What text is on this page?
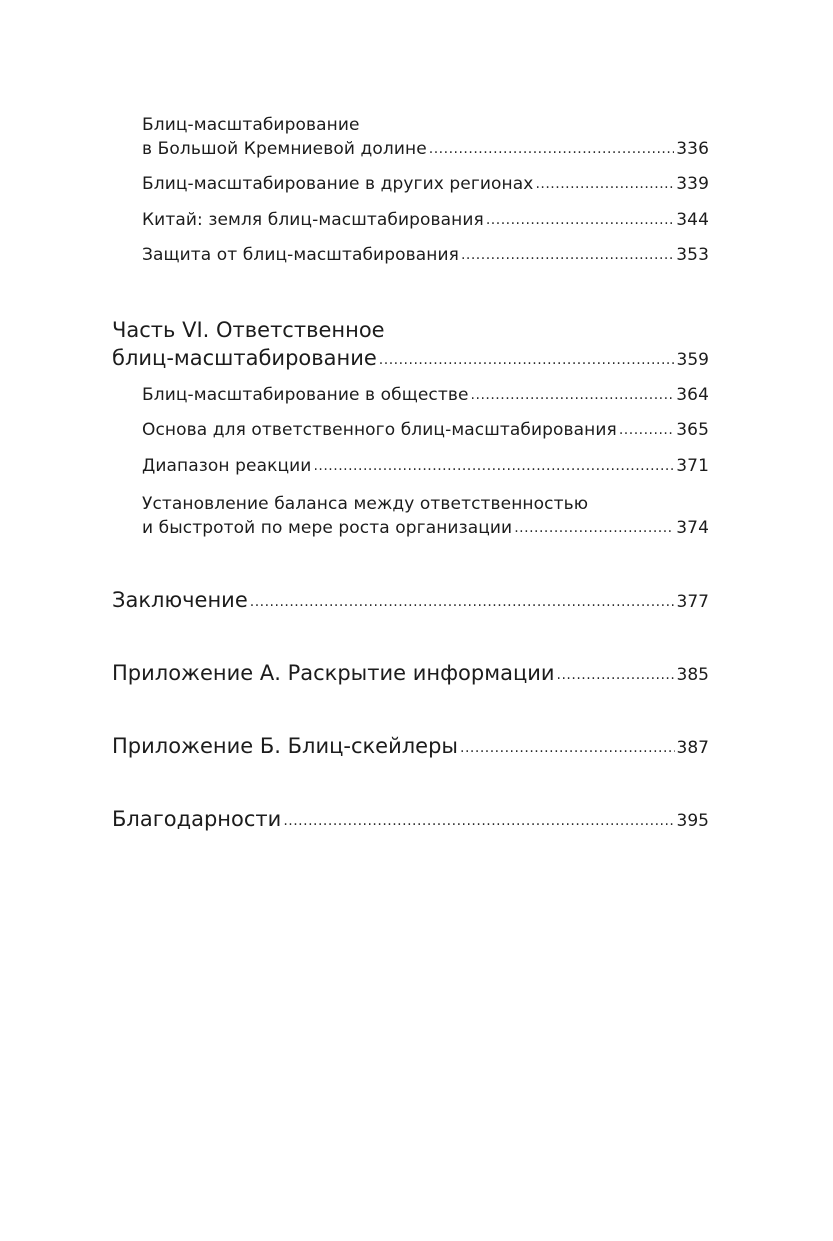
Блиц-масштабирование
в Большой Кремниевой долине .....	336
Блиц-масштабирование в других регионах .....	339
Китай: земля блиц-масштабирования .....	344
Защита от блиц-масштабирования .....	353
Часть VI. Ответственное
блиц-масштабирование .....	359
Блиц-масштабирование в обществе .....	364
Основа для ответственного блиц-масштабирования .....	365
Диапазон реакции .....	371
Установление баланса между ответственностью
и быстротой по мере роста организации .....	374
Заключение .....	377
Приложение А. Раскрытие информации .....	385
Приложение Б. Блиц-скейлеры .....	387
Благодарности .....	395
